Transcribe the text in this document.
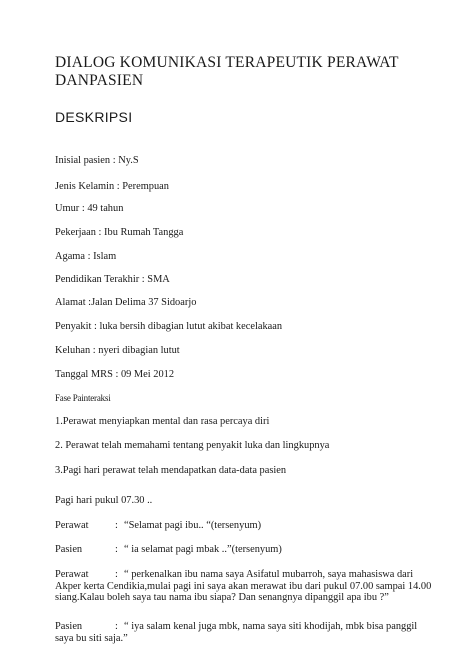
DIALOG KOMUNIKASI TERAPEUTIK PERAWAT DANPASIEN
DESKRIPSI
Inisial pasien : Ny.S
Jenis Kelamin : Perempuan
Umur : 49 tahun
Pekerjaan : Ibu Rumah Tangga
Agama : Islam
Pendidikan Terakhir : SMA
Alamat :Jalan Delima 37 Sidoarjo
Penyakit : luka bersih dibagian lutut akibat kecelakaan
Keluhan : nyeri dibagian lutut
Tanggal MRS : 09 Mei 2012
Fase Painteraksi
1.Perawat menyiapkan mental dan rasa percaya diri
2. Perawat telah memahami tentang penyakit luka dan lingkupnya
3.Pagi hari perawat telah mendapatkan data-data pasien
Pagi hari pukul 07.30 ..
Perawat	: “Selamat pagi ibu.. “(tersenyum)
Pasien	: “ ia selamat pagi mbak ..”(tersenyum)
Perawat	: “ perkenalkan ibu nama saya Asifatul mubarroh, saya mahasiswa dari Akper kerta Cendikia,mulai pagi ini saya akan merawat ibu dari pukul 07.00 sampai 14.00 siang.Kalau boleh saya tau nama ibu siapa? Dan senangnya dipanggil apa ibu ?”
Pasien	: “ iya salam kenal juga mbk, nama saya siti khodijah, mbk bisa panggil saya bu siti saja.”
